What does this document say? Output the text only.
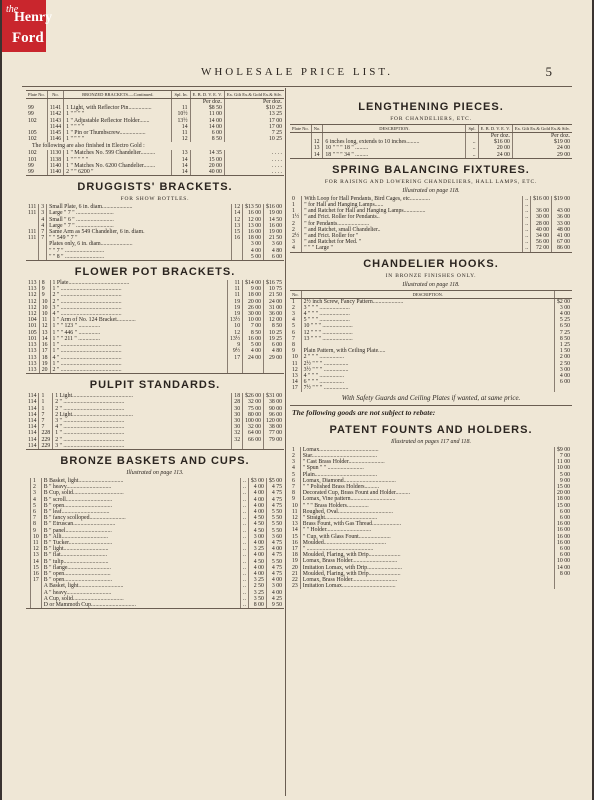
the
Henry
Ford
WHOLESALE PRICE LIST.	5
Plate No.	No.	BRONZED BRACKETS.—Continued.	Spl. In.	E. B. D. V. E. V.	Ex. Gilt Ex.& Gold Ex.& Silv.
				Per doz.	Per doz.
99	1141	1 Light, with Reflector Pin................	11	$8 50	$10 25
99	1142	1 " " " "	10½	11 00	13 25
102	1143	1 " Adjustable Reflector Holder.......	13½	14 00	17 00
	1144	1 " " " "	14	14 00	17 00
105	1145	1 " Pin or Thumbscrew..................	11	6 00	7 25
102	1146	1 " " " "	12	8 50	10 25
The following are also finished in Electro Gold :					
102	1130	1 " Matches No. 599 Chandelier..........	13	14 35	. . . .
101	1138	1 " " " " "	14	15 00	. . . .
99	1140	1 " Matches No. 6200 Chandelier........	14	20 00	. . . .
99	1140	2 " " 6200 "	14	40 00	. . . .
DRUGGISTS' BRACKETS.
FOR SHOW BOTTLES.
111	3	Small Plate, 6 in. diam.....................	12	$13 50	$16 00
111	3	Large " 7 " ..........................	14	16 00	19 00
	4	Small " 6 " ..........................	12	12 00	14 50
	4	Large " 7 " ..........................	13	13 00	16 00
111	7	Same Arm as 549 Chandelier, 6 in. diam.	15	16 00	19 00
111	7	" " 549 " 7 "	16	18 00	21 50
		Plates only, 6 in. diam......................		3 00	3 60
		" " 7 " ...........................		4 00	4 80
		" " 8 " ...........................		5 00	6 00
FLOWER POT BRACKETS.
113	8	1 Plate..........................................	11	$14 00	$16 75
113	9	1 " ..........................................	11	9 00	10 75
112	9	2 " ..........................................	11	18 00	21 50
112	10	2 " ..........................................	19	20 00	24 00
112	10	3 " ..........................................	19	26 00	31 00
112	10	4 " ..........................................	19	30 00	36 00
104	11	1 " Arm of No. 124 Bracket.............	13½	10 00	12 00
101	12	1 " " 123 " ...............	10	7 00	8 50
105	13	1 " " 446 " ...............	12	8 50	10 25
101	14	1 " " 211 " ...............	13½	16 00	19 25
113	16	1 " ..........................................	9	5 00	6 00
113	17	1 " ..........................................	9½	4 00	4 80
113	18	4 " ..........................................	17	24 00	29 00
113	19	1 " ..........................................			
113	20	2 " ..........................................			
PULPIT STANDARDS.
114	1	1 Light..........................................	18	$26 00	$31 00
114	1	2 " ..........................................	28	32 00	38 00
114	1	2 " ..........................................	30	75 00	90 00
114	7	2 Light..........................................	30	80 00	96 00
114	7	3 " ..........................................	30	100 00	120 00
114	7	4 " ..........................................	30	32 00	38 00
114	228	1 " ..........................................	32	64 00	77 00
114	229	2 " ..........................................	32	66 00	79 00
114	229	3 " ..........................................			
BRONZE BASKETS AND CUPS.
Illustrated on page 113.
	1	B Basket, light...............................	..	$3 00	$5 00
	2	B " heavy...............................	..	4 00	4 75
	3	B Cup, solid...................................	..	4 00	4 75
	4	B " scroll................................	..	4 00	4 75
	5	B " open.................................	..	4 00	4 75
	6	B " leaf.................................	..	4 00	5 50
	7	B " fancy scolloped.........................	..	4 50	5 50
	8	B " Etruscan.............................	..	4 50	5 50
	9	B " panel................................	..	4 50	5 50
	10	B " Alli................................	..	3 00	3 60
	11	B " Tucker..............................	..	4 00	4 75
	12	B " light...............................	..	3 25	4 00
	13	B " flat................................	..	4 00	4 75
	14	B " tulip...............................	..	4 50	5 50
	15	B " flange..............................	..	4 00	4 75
	16	B " open................................	..	4 00	4 75
	17	B " open.................................	..	3 25	4 00
		A Basket, light...............................	..	2 50	3 00
		A " heavy...............................	..	3 25	4 00
		A Cup, solid...................................	..	3 50	4 25
		D or Mammoth Cup...............................	..	8 00	9 50
LENGTHENING PIECES.
FOR CHANDELIERS, ETC.
Plate No.	No.	DESCRIPTION.	Spl.	E. B. D. V. E. V.	Ex. Gilt Ex.& Gold Ex.& Silv.
				Per doz.	Per doz.
	12	6 inches long, extends to 10 inches.........	..	$16 00	$19 00
	13	10 " " " 18 " .........	..	20 00	24 00
	14	18 " " " 34 " .........	..	24 00	29 00
SPRING BALANCING FIXTURES.
FOR RAISING AND LOWERING CHANDELIERS, HALL LAMPS, ETC.
Illustrated on page 118.
0	With Loop for Hall Pendants, Bird Cages, etc..............	..	$16 00	$19 00
1	" for Hall and Hanging Lamps......	..		
1	" and Ratchet for Hall and Hanging Lamps...............	..	36 00	43 00
1½	" and Frict. Roller for Pendants..	..	30 00	36 00
2	" for Pendants......................	..	28 00	33 00
2	" and Ratchet, small Chandelier..	..	40 00	48 00
2½	" and Frict. Roller for "	..	34 00	41 00
3	" and Ratchet for Med. "	..	56 00	67 00
4	" " " Large "	..	72 00	86 00
CHANDELIER HOOKS.
IN BRONZE FINISHES ONLY.
Illustrated on page 118.
No.	DESCRIPTION.	
1	2½ inch Screw, Fancy Pattern.....................	$2 00
2	3 " " " .....................	3 00
3	4 " " " .....................	4 00
4	5 " " " .....................	5 25
5	10 " " " .....................	6 50
6	12 " " " .....................	7 25
7	13 " " " .....................	8 50
8		1 25
9	Plain Pattern, with Ceiling Plate.....	1 50
10	2 " " " .................	2 00
11	2½ " " " .................	2 50
12	3½ " " " .................	3 00
13	4 " " " .................	4 00
14	6 " " " .................	6 00
17	7½ " " " .................	
With Safety Guards and Ceiling Plates if wanted, at same price.
The following goods are not subject to rebate:
PATENT FOUNTS AND HOLDERS.
Illustrated on pages 117 and 118.
1	Lomax.........................................	$9 00
2	Star.............................................	7 00
3	" Cast Brass Holder.........................	11 00
4	" Spun " " .........................	10 00
5	Plain...........................................	5 00
6	Lomax, Diamond....................................	9 00
7	" " Polished Brass Holders..........	15 00
8	Decorated Cup, Brass Fount and Holder..........	20 00
9	Lomax, Vine pattern...............................	18 00
10	" " " Brass Holders...............	15 00
11	Roughed, Oval......................................	6 00
12	" Straight....................................	6 00
13	Brass Fount, with Gas Thread....................	16 00
14	" " Holder...............................	16 00
15	" Cup, with Glass Fount......................	16 00
16	Moulded...........................................	16 00
17	" ..............................................	6 00
18	Moulded, Flaring, with Drip......................	6 00
19	Lomax, Brass Holder...............................	10 00
20	Imitation Lomax, with Drip........................	14 00
21	Moulded, Flaring, with Drip......................	8 00
22	Lomax, Brass Holder...............................	
23	Imitation Lomax.....................................	
